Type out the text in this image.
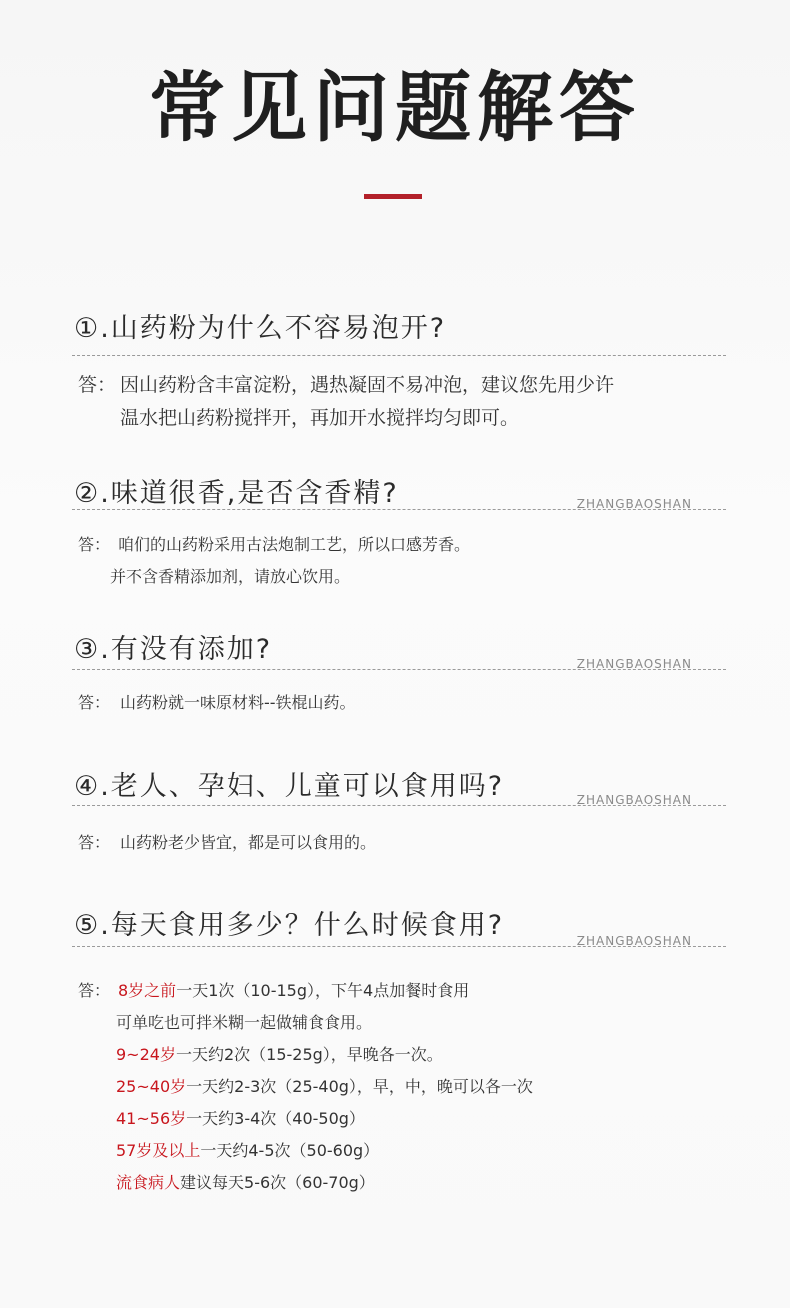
常见问题解答
①.山药粉为什么不容易泡开?
答： 因山药粉含丰富淀粉，遇热凝固不易冲泡，建议您先用少许
温水把山药粉搅拌开，再加开水搅拌均匀即可。
②.味道很香,是否含香精?	ZHANGBAOSHAN
答： 咱们的山药粉采用古法炮制工艺，所以口感芳香。
并不含香精添加剂，请放心饮用。
③.有没有添加?	ZHANGBAOSHAN
答： 山药粉就一味原材料--铁棍山药。
④.老人、孕妇、儿童可以食用吗?	ZHANGBAOSHAN
答： 山药粉老少皆宜，都是可以食用的。
⑤.每天食用多少？什么时候食用?	ZHANGBAOSHAN
答： 8岁之前一天1次（10-15g），下午4点加餐时食用
可单吃也可拌米糊一起做辅食食用。
9~24岁一天约2次（15-25g），早晚各一次。
25~40岁一天约2-3次（25-40g），早，中，晚可以各一次
41~56岁一天约3-4次（40-50g）
57岁及以上一天约4-5次（50-60g）
流食病人建议每天5-6次（60-70g）
